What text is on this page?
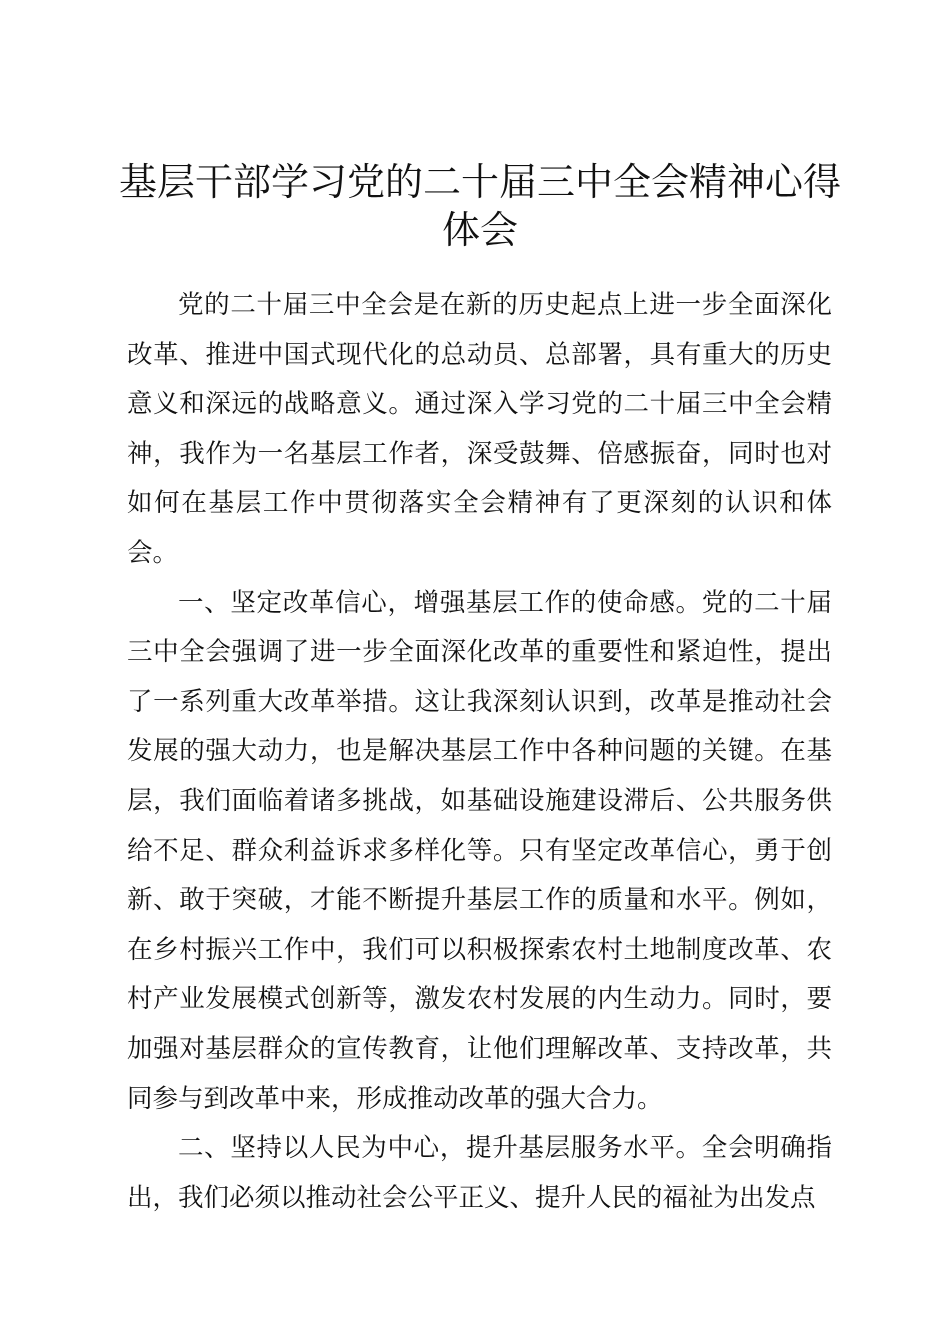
基层干部学习党的二十届三中全会精神心得体会

党的二十届三中全会是在新的历史起点上进一步全面深化改革、推进中国式现代化的总动员、总部署，具有重大的历史意义和深远的战略意义。通过深入学习党的二十届三中全会精神，我作为一名基层工作者，深受鼓舞、倍感振奋，同时也对如何在基层工作中贯彻落实全会精神有了更深刻的认识和体会。

一、坚定改革信心，增强基层工作的使命感。党的二十届三中全会强调了进一步全面深化改革的重要性和紧迫性，提出了一系列重大改革举措。这让我深刻认识到，改革是推动社会发展的强大动力，也是解决基层工作中各种问题的关键。在基层，我们面临着诸多挑战，如基础设施建设滞后、公共服务供给不足、群众利益诉求多样化等。只有坚定改革信心，勇于创新、敢于突破，才能不断提升基层工作的质量和水平。例如，在乡村振兴工作中，我们可以积极探索农村土地制度改革、农村产业发展模式创新等，激发农村发展的内生动力。同时，要加强对基层群众的宣传教育，让他们理解改革、支持改革，共同参与到改革中来，形成推动改革的强大合力。

二、坚持以人民为中心，提升基层服务水平。全会明确指出，我们必须以推动社会公平正义、提升人民的福祉为出发点
